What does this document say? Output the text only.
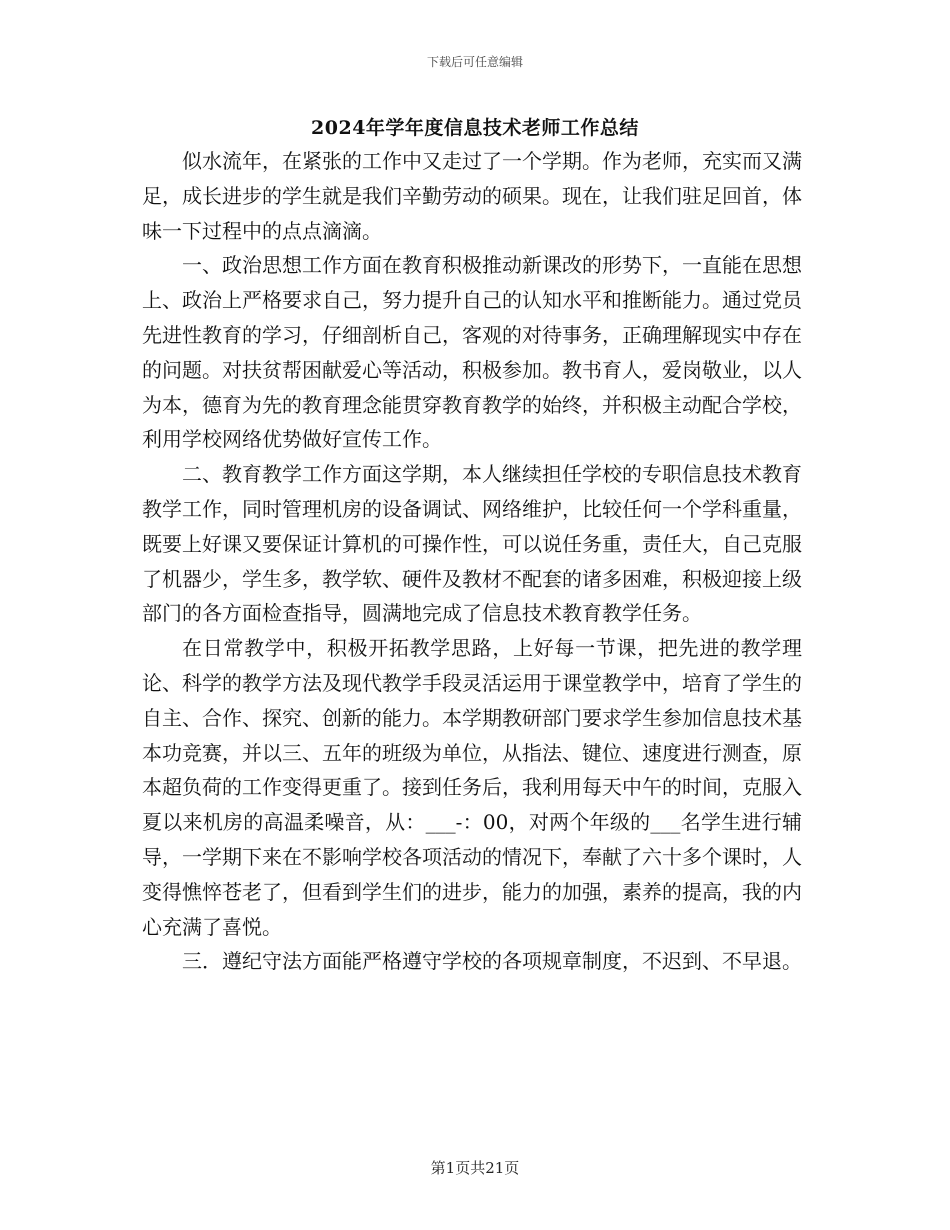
下载后可任意编辑
2024年学年度信息技术老师工作总结

似水流年，在紧张的工作中又走过了一个学期。作为老师，充实而又满足，成长进步的学生就是我们辛勤劳动的硕果。现在，让我们驻足回首，体味一下过程中的点点滴滴。

一、政治思想工作方面在教育积极推动新课改的形势下，一直能在思想上、政治上严格要求自己，努力提升自己的认知水平和推断能力。通过党员先进性教育的学习，仔细剖析自己，客观的对待事务，正确理解现实中存在的问题。对扶贫帮困献爱心等活动，积极参加。教书育人，爱岗敬业，以人为本，德育为先的教育理念能贯穿教育教学的始终，并积极主动配合学校，利用学校网络优势做好宣传工作。

二、教育教学工作方面这学期，本人继续担任学校的专职信息技术教育教学工作，同时管理机房的设备调试、网络维护，比较任何一个学科重量，既要上好课又要保证计算机的可操作性，可以说任务重，责任大，自己克服了机器少，学生多，教学软、硬件及教材不配套的诸多困难，积极迎接上级部门的各方面检查指导，圆满地完成了信息技术教育教学任务。

在日常教学中，积极开拓教学思路，上好每一节课，把先进的教学理论、科学的教学方法及现代教学手段灵活运用于课堂教学中，培育了学生的自主、合作、探究、创新的能力。本学期教研部门要求学生参加信息技术基本功竞赛，并以三、五年的班级为单位，从指法、键位、速度进行测查，原本超负荷的工作变得更重了。接到任务后，我利用每天中午的时间，克服入夏以来机房的高温柔噪音，从：___-：00，对两个年级的___名学生进行辅导，一学期下来在不影响学校各项活动的情况下，奉献了六十多个课时，人变得憔悴苍老了，但看到学生们的进步，能力的加强，素养的提高，我的内心充满了喜悦。

三．遵纪守法方面能严格遵守学校的各项规章制度，不迟到、不早退。

第1页共21页
